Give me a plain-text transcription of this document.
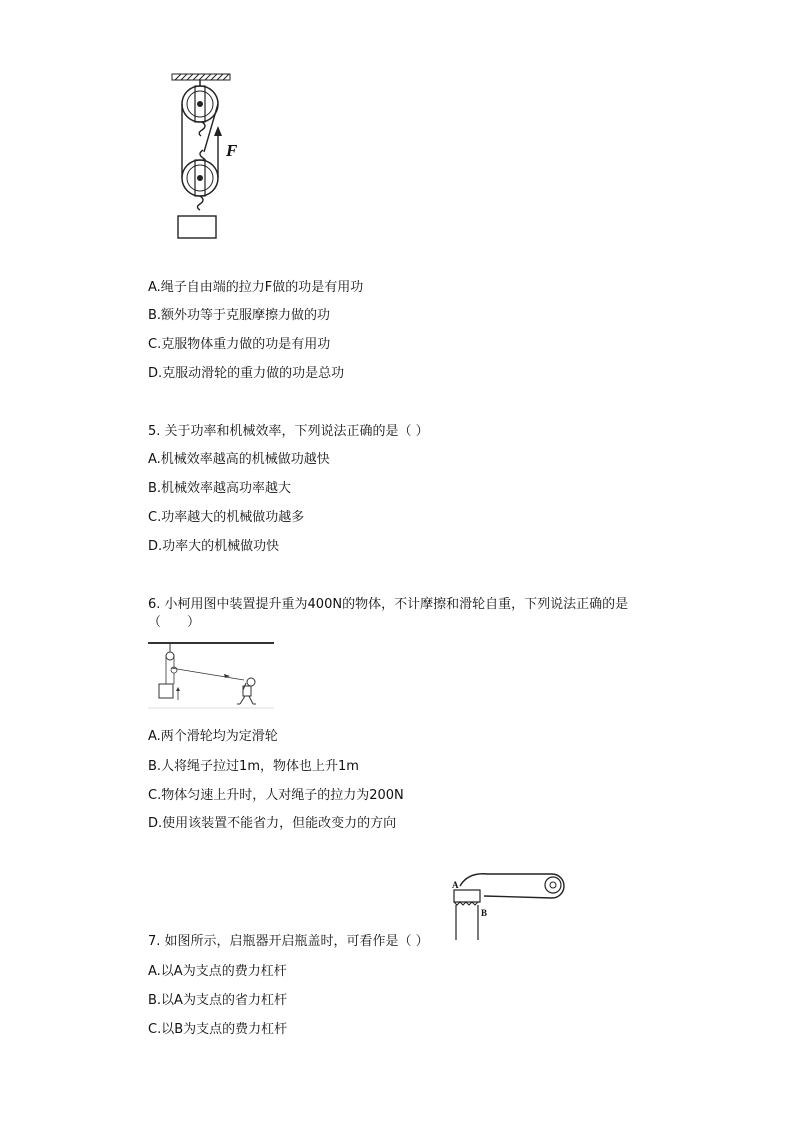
F
A.绳子自由端的拉力F做的功是有用功
B.额外功等于克服摩擦力做的功
C.克服物体重力做的功是有用功
D.克服动滑轮的重力做的功是总功
5. 关于功率和机械效率，下列说法正确的是（ ）
A.机械效率越高的机械做功越快
B.机械效率越高功率越大
C.功率越大的机械做功越多
D.功率大的机械做功快
6. 小柯用图中装置提升重为400N的物体，不计摩擦和滑轮自重，下列说法正确的是
（　　）
A.两个滑轮均为定滑轮
B.人将绳子拉过1m，物体也上升1m
C.物体匀速上升时，人对绳子的拉力为200N
D.使用该装置不能省力，但能改变力的方向
A
B
7. 如图所示，启瓶器开启瓶盖时，可看作是（ ）
A.以A为支点的费力杠杆
B.以A为支点的省力杠杆
C.以B为支点的费力杠杆
